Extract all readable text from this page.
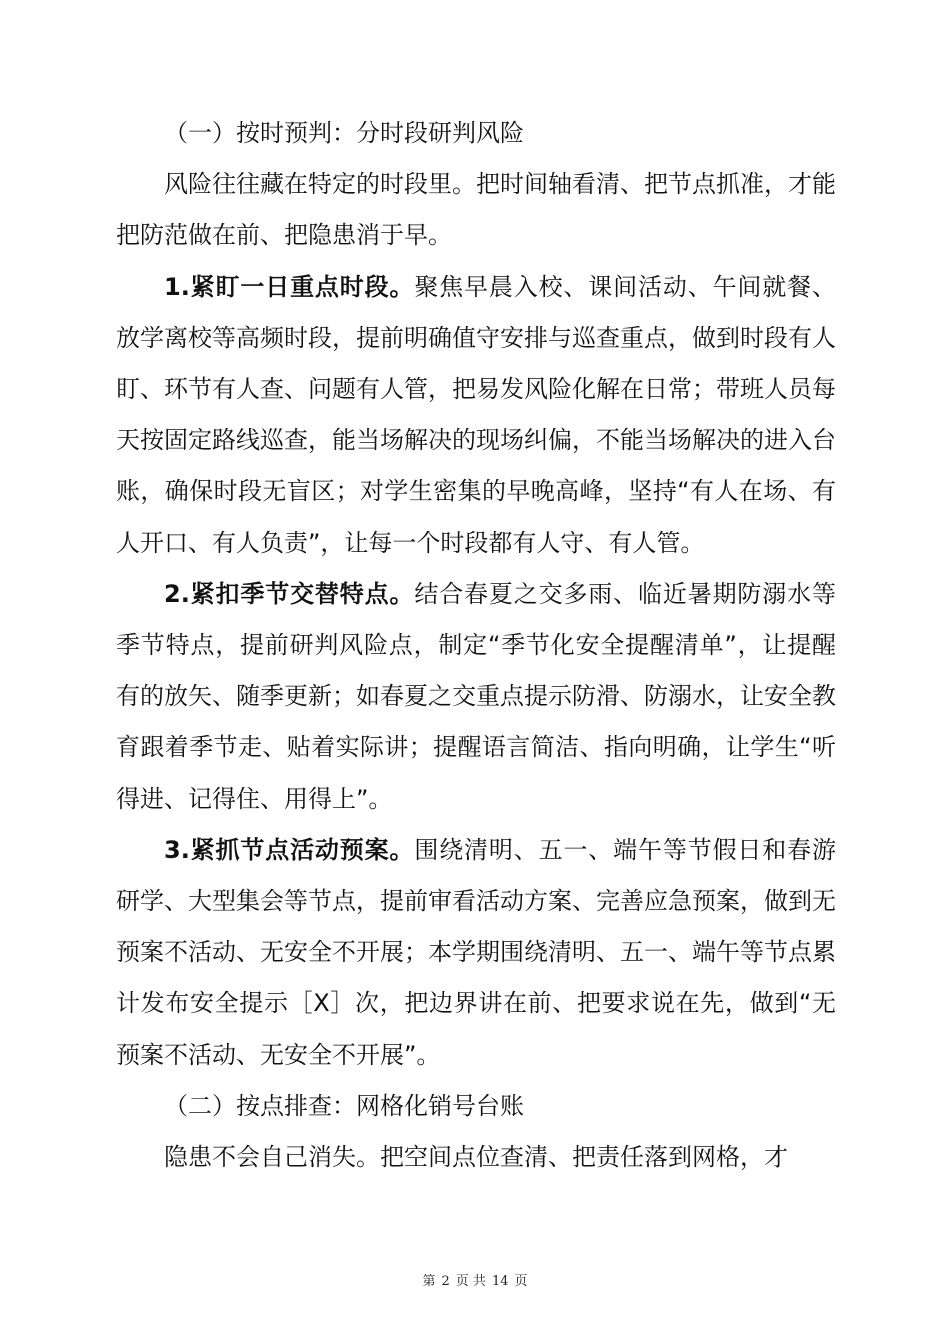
（一）按时预判：分时段研判风险

风险往往藏在特定的时段里。把时间轴看清、把节点抓准，才能把防范做在前、把隐患消于早。

1.紧盯一日重点时段。聚焦早晨入校、课间活动、午间就餐、放学离校等高频时段，提前明确值守安排与巡查重点，做到时段有人盯、环节有人查、问题有人管，把易发风险化解在日常；带班人员每天按固定路线巡查，能当场解决的现场纠偏，不能当场解决的进入台账，确保时段无盲区；对学生密集的早晚高峰，坚持“有人在场、有人开口、有人负责”，让每一个时段都有人守、有人管。

2.紧扣季节交替特点。结合春夏之交多雨、临近暑期防溺水等季节特点，提前研判风险点，制定“季节化安全提醒清单”，让提醒有的放矢、随季更新；如春夏之交重点提示防滑、防溺水，让安全教育跟着季节走、贴着实际讲；提醒语言简洁、指向明确，让学生“听得进、记得住、用得上”。

3.紧抓节点活动预案。围绕清明、五一、端午等节假日和春游研学、大型集会等节点，提前审看活动方案、完善应急预案，做到无预案不活动、无安全不开展；本学期围绕清明、五一、端午等节点累计发布安全提示［X］次，把边界讲在前、把要求说在先，做到“无预案不活动、无安全不开展”。

（二）按点排查：网格化销号台账

隐患不会自己消失。把空间点位查清、把责任落到网格，才

第 2 页 共 14 页
